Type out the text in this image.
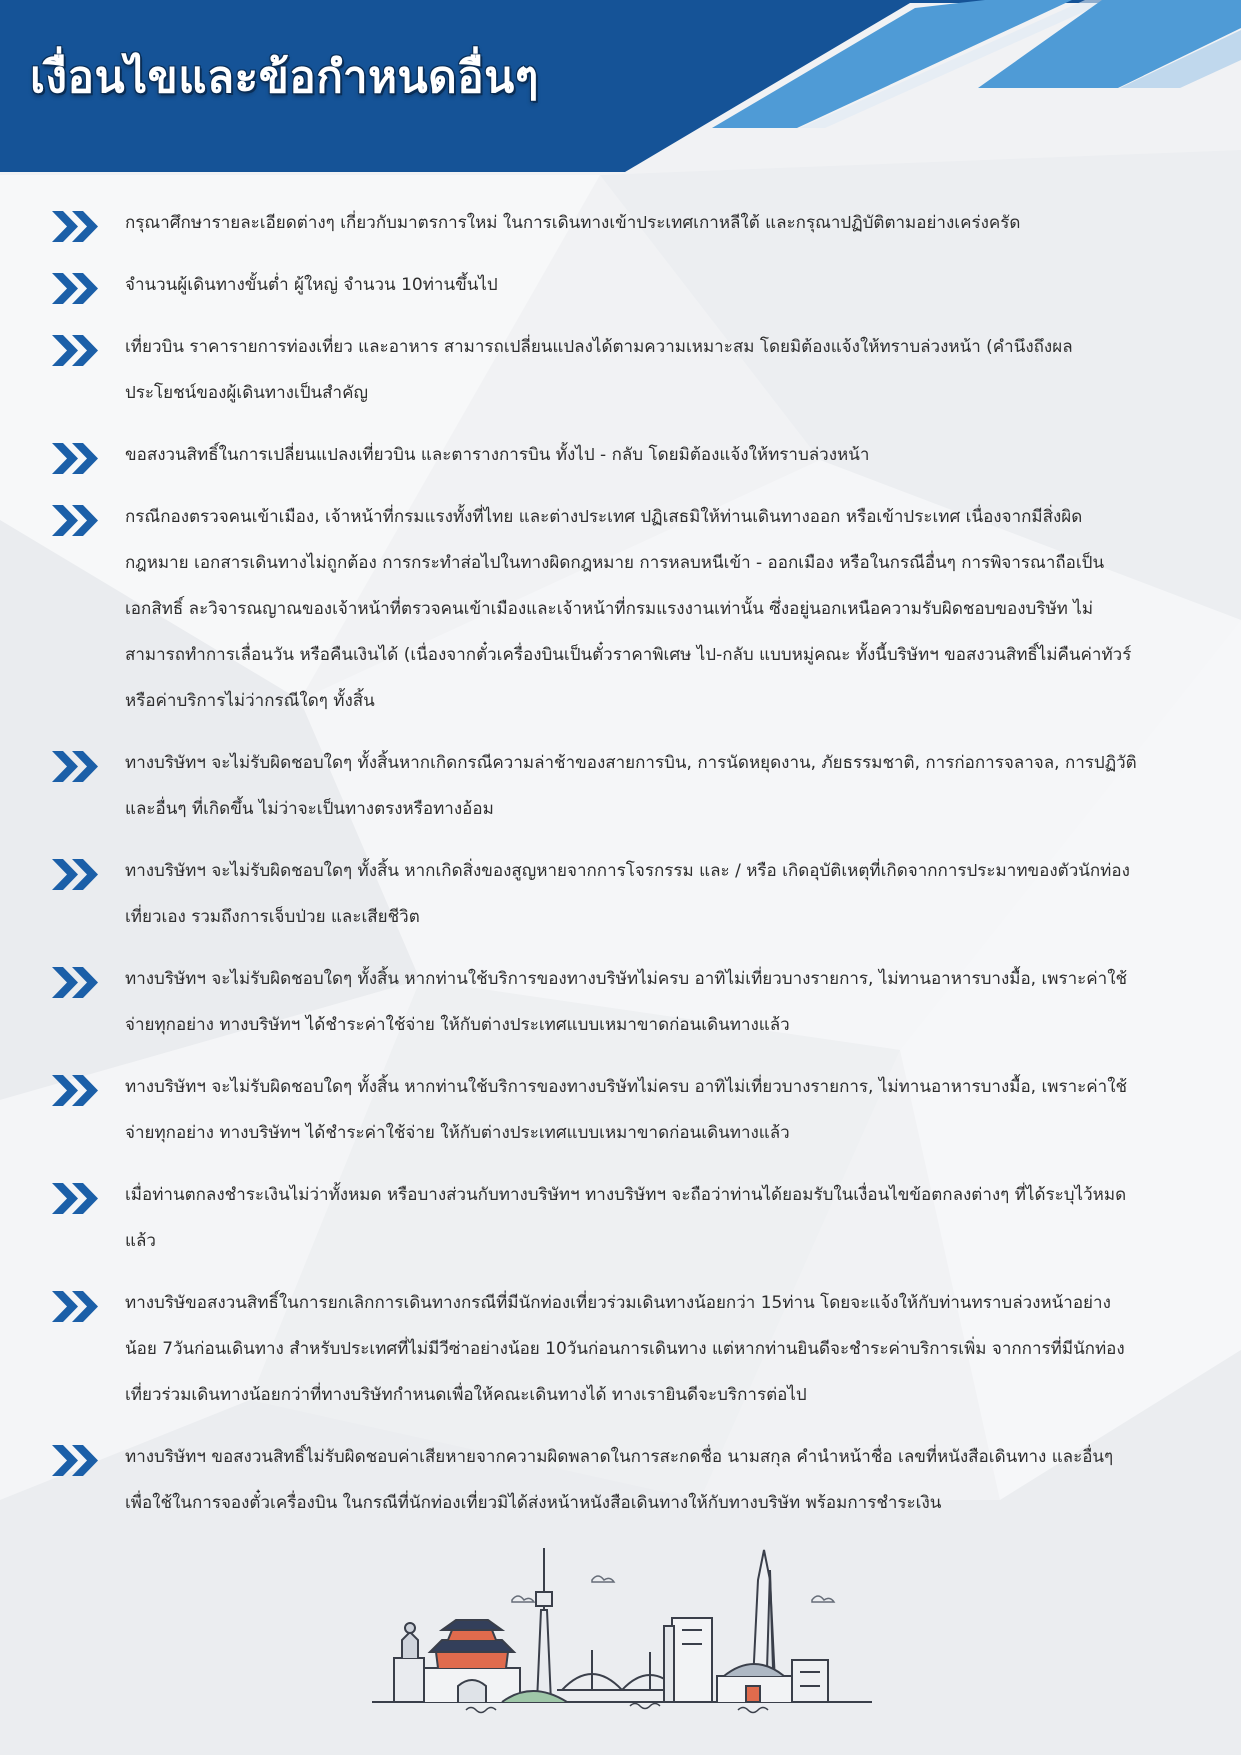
เงื่อนไขและข้อกำหนดอื่นๆ
กรุณาศึกษารายละเอียดต่างๆ เกี่ยวกับมาตรการใหม่ ในการเดินทางเข้าประเทศเกาหลีใต้ และกรุณาปฏิบัติตามอย่างเคร่งครัด
จำนวนผู้เดินทางขั้นต่ำ ผู้ใหญ่ จำนวน 10ท่านขึ้นไป
เที่ยวบิน ราคารายการท่องเที่ยว และอาหาร สามารถเปลี่ยนแปลงได้ตามความเหมาะสม โดยมิต้องแจ้งให้ทราบล่วงหน้า (คำนึงถึงผลประโยชน์ของผู้เดินทางเป็นสำคัญ
ขอสงวนสิทธิ์ในการเปลี่ยนแปลงเที่ยวบิน และตารางการบิน ทั้งไป - กลับ โดยมิต้องแจ้งให้ทราบล่วงหน้า
กรณีกองตรวจคนเข้าเมือง, เจ้าหน้าที่กรมแรงทั้งที่ไทย และต่างประเทศ ปฏิเสธมิให้ท่านเดินทางออก หรือเข้าประเทศ เนื่องจากมีสิ่งผิดกฎหมาย เอกสารเดินทางไม่ถูกต้อง การกระทำส่อไปในทางผิดกฎหมาย การหลบหนีเข้า - ออกเมือง หรือในกรณีอื่นๆ การพิจารณาถือเป็นเอกสิทธิ์ ละวิจารณญาณของเจ้าหน้าที่ตรวจคนเข้าเมืองและเจ้าหน้าที่กรมแรงงานเท่านั้น ซึ่งอยู่นอกเหนือความรับผิดชอบของบริษัท ไม่สามารถทำการเลื่อนวัน หรือคืนเงินได้ (เนื่องจากตั๋วเครื่องบินเป็นตั๋วราคาพิเศษ ไป-กลับ แบบหมู่คณะ ทั้งนี้บริษัทฯ ขอสงวนสิทธิ์ไม่คืนค่าทัวร์ หรือค่าบริการไม่ว่ากรณีใดๆ ทั้งสิ้น
ทางบริษัทฯ จะไม่รับผิดชอบใดๆ ทั้งสิ้นหากเกิดกรณีความล่าช้าของสายการบิน, การนัดหยุดงาน, ภัยธรรมชาติ, การก่อการจลาจล, การปฏิวัติและอื่นๆ ที่เกิดขึ้น ไม่ว่าจะเป็นทางตรงหรือทางอ้อม
ทางบริษัทฯ จะไม่รับผิดชอบใดๆ ทั้งสิ้น หากเกิดสิ่งของสูญหายจากการโจรกรรม และ / หรือ เกิดอุบัติเหตุที่เกิดจากการประมาทของตัวนักท่องเที่ยวเอง รวมถึงการเจ็บป่วย และเสียชีวิต
ทางบริษัทฯ จะไม่รับผิดชอบใดๆ ทั้งสิ้น หากท่านใช้บริการของทางบริษัทไม่ครบ อาทิไม่เที่ยวบางรายการ, ไม่ทานอาหารบางมื้อ, เพราะค่าใช้จ่ายทุกอย่าง ทางบริษัทฯ ได้ชำระค่าใช้จ่าย ให้กับต่างประเทศแบบเหมาขาดก่อนเดินทางแล้ว
ทางบริษัทฯ จะไม่รับผิดชอบใดๆ ทั้งสิ้น หากท่านใช้บริการของทางบริษัทไม่ครบ อาทิไม่เที่ยวบางรายการ, ไม่ทานอาหารบางมื้อ, เพราะค่าใช้จ่ายทุกอย่าง ทางบริษัทฯ ได้ชำระค่าใช้จ่าย ให้กับต่างประเทศแบบเหมาขาดก่อนเดินทางแล้ว
เมื่อท่านตกลงชำระเงินไม่ว่าทั้งหมด หรือบางส่วนกับทางบริษัทฯ ทางบริษัทฯ จะถือว่าท่านได้ยอมรับในเงื่อนไขข้อตกลงต่างๆ ที่ได้ระบุไว้หมดแล้ว
ทางบริษัขอสงวนสิทธิ์ในการยกเลิกการเดินทางกรณีที่มีนักท่องเที่ยวร่วมเดินทางน้อยกว่า 15ท่าน โดยจะแจ้งให้กับท่านทราบล่วงหน้าอย่างน้อย 7วันก่อนเดินทาง สำหรับประเทศที่ไม่มีวีซ่าอย่างน้อย 10วันก่อนการเดินทาง แต่หากท่านยินดีจะชำระค่าบริการเพิ่ม จากการที่มีนักท่องเที่ยวร่วมเดินทางน้อยกว่าที่ทางบริษัทกำหนดเพื่อให้คณะเดินทางได้ ทางเรายินดีจะบริการต่อไป
ทางบริษัทฯ ขอสงวนสิทธิ์ไม่รับผิดชอบค่าเสียหายจากความผิดพลาดในการสะกดชื่อ นามสกุล คำนำหน้าชื่อ เลขที่หนังสือเดินทาง และอื่นๆ เพื่อใช้ในการจองตั๋วเครื่องบิน ในกรณีที่นักท่องเที่ยวมิได้ส่งหน้าหนังสือเดินทางให้กับทางบริษัท พร้อมการชำระเงิน
